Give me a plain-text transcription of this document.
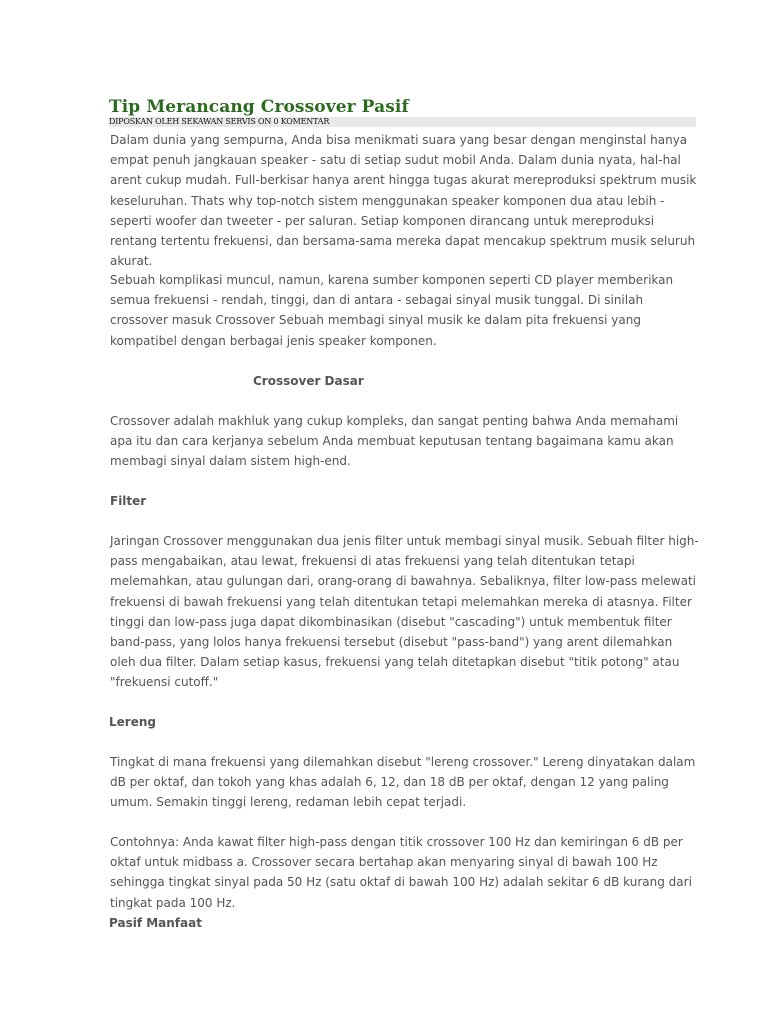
Tip Merancang Crossover Pasif
DIPOSKAN OLEH SEKAWAN SERVIS ON 0 KOMENTAR

Dalam dunia yang sempurna, Anda bisa menikmati suara yang besar dengan menginstal hanya empat penuh jangkauan speaker - satu di setiap sudut mobil Anda. Dalam dunia nyata, hal-hal arent cukup mudah. Full-berkisar hanya arent hingga tugas akurat mereproduksi spektrum musik keseluruhan. Thats why top-notch sistem menggunakan speaker komponen dua atau lebih - seperti woofer dan tweeter - per saluran. Setiap komponen dirancang untuk mereproduksi rentang tertentu frekuensi, dan bersama-sama mereka dapat mencakup spektrum musik seluruh akurat.

Sebuah komplikasi muncul, namun, karena sumber komponen seperti CD player memberikan semua frekuensi - rendah, tinggi, dan di antara - sebagai sinyal musik tunggal. Di sinilah crossover masuk Crossover Sebuah membagi sinyal musik ke dalam pita frekuensi yang kompatibel dengan berbagai jenis speaker komponen.

Crossover Dasar

Crossover adalah makhluk yang cukup kompleks, dan sangat penting bahwa Anda memahami apa itu dan cara kerjanya sebelum Anda membuat keputusan tentang bagaimana kamu akan membagi sinyal dalam sistem high-end.

Filter

Jaringan Crossover menggunakan dua jenis filter untuk membagi sinyal musik. Sebuah filter high-pass mengabaikan, atau lewat, frekuensi di atas frekuensi yang telah ditentukan tetapi melemahkan, atau gulungan dari, orang-orang di bawahnya. Sebaliknya, filter low-pass melewati frekuensi di bawah frekuensi yang telah ditentukan tetapi melemahkan mereka di atasnya. Filter tinggi dan low-pass juga dapat dikombinasikan (disebut "cascading") untuk membentuk filter band-pass, yang lolos hanya frekuensi tersebut (disebut "pass-band") yang arent dilemahkan oleh dua filter. Dalam setiap kasus, frekuensi yang telah ditetapkan disebut "titik potong" atau "frekuensi cutoff."

Lereng

Tingkat di mana frekuensi yang dilemahkan disebut "lereng crossover." Lereng dinyatakan dalam dB per oktaf, dan tokoh yang khas adalah 6, 12, dan 18 dB per oktaf, dengan 12 yang paling umum. Semakin tinggi lereng, redaman lebih cepat terjadi.

Contohnya: Anda kawat filter high-pass dengan titik crossover 100 Hz dan kemiringan 6 dB per oktaf untuk midbass a. Crossover secara bertahap akan menyaring sinyal di bawah 100 Hz sehingga tingkat sinyal pada 50 Hz (satu oktaf di bawah 100 Hz) adalah sekitar 6 dB kurang dari tingkat pada 100 Hz.

Pasif Manfaat
